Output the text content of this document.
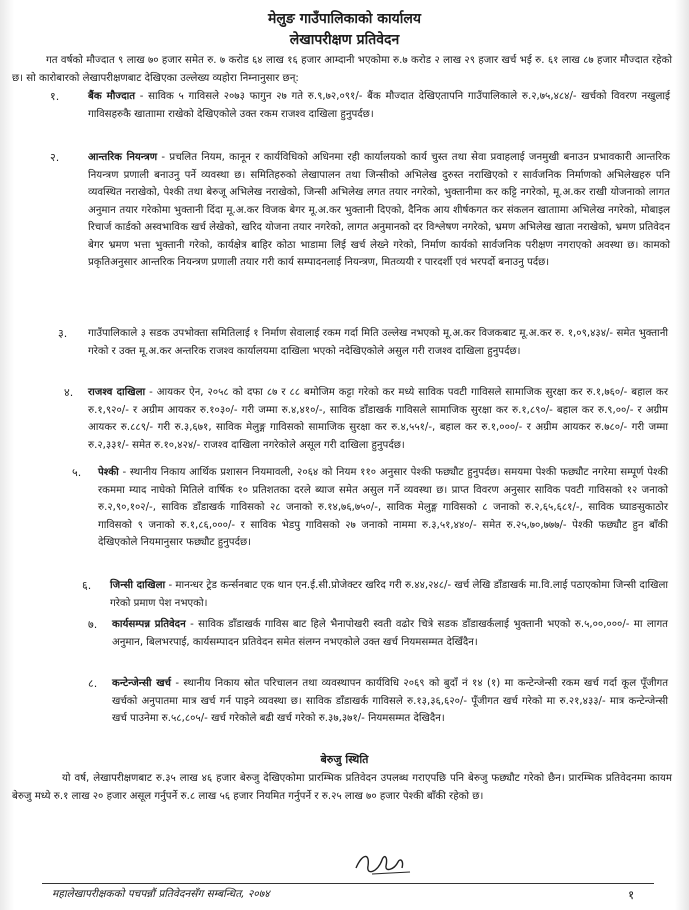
मेलुङ गाउँपालिकाको कार्यालय
लेखापरीक्षण प्रतिवेदन
गत वर्षको मौज्दात ९ लाख ७० हजार समेत रु. ७ करोड ६४ लाख १६ हजार आम्दानी भएकोमा रु.७ करोड २ लाख २९ हजार खर्च भई रु. ६१ लाख ८७ हजार मौज्दात रहेको छ। सो कारोबारको लेखापरीक्षणबाट देखिएका उल्लेख्य व्यहोरा निम्नानुसार छन्:
१.	बैंक मौज्दात - साविक ५ गाविसले २०७३ फागुन २७ गते रु.९,७२,०९१/- बैंक मौज्दात देखिएतापनि गाउँपालिकाले रु.२,७५,४८४/- खर्चको विवरण नखुलाई गाविसहरुकै खाताामा राखेको देखिएकोले उक्त रकम राजश्व दाखिला हुनुपर्दछ।
२.	आन्तरिक नियन्त्रण - प्रचलित नियम, कानून र कार्यविधिको अधिनमा रही कार्यालयको कार्य चुस्त तथा सेवा प्रवाहलाई जनमुखी बनाउन प्रभावकारी आन्तरिक नियन्त्रण प्रणाली बनाउनु पर्ने व्यवस्था छ। समितिहरुको लेखापालन तथा जिन्सीको अभिलेख दुरुस्त नराखिएको र सार्वजनिक निर्माणको अभिलेखहरु पनि व्यवस्थित नराखेको, पेश्की तथा बेरुजू अभिलेख नराखेको, जिन्सी अभिलेख लगत तयार नगरेको, भुक्तानीमा कर कट्टि नगरेको, मू.अ.कर राखी योजनाको लागत अनुमान तयार गरेकोमा भुक्तानी दिंदा मू.अ.कर विजक बेगर मू.अ.कर भुक्तानी दिएको, दैनिक आय शीर्षकगत कर संकलन खाताामा अभिलेख नगरेको, मोबाइल रिचार्ज कार्डको अस्वभाविक खर्च लेखेको, खरिद योजना तयार नगरेको, लागत अनुमानको दर विश्लेषण नगरेको, भ्रमण अभिलेख खाता नराखेको, भ्रमण प्रतिवेदन बेगर भ्रमण भत्ता भुक्तानी गरेको, कार्यक्षेत्र बाहिर कोठा भाडामा लिई खर्च लेख्ने गरेको, निर्माण कार्यको सार्वजनिक परीक्षण नगराएको अवस्था छ। कामको प्रकृतिअनुसार आन्तरिक नियन्त्रण प्रणाली तयार गरी कार्य सम्पादनलाई नियन्त्रण, मितव्ययी र पारदर्शी एवं भरपर्दो बनाउनु पर्दछ।
३. गाउँपालिकाले ३ सडक उपभोक्ता समितिलाई १ निर्माण सेवालाई रकम गर्दा मिति उल्लेख नभएको मू.अ.कर विजकबाट मू.अ.कर रु. १,०९,४३४/- समेत भुक्तानी गरेको र उक्त मू.अ.कर अन्तरिक राजश्व कार्यालयमा दाखिला भएको नदेखिएकोले असुल गरी राजश्व दाखिला हुनुपर्दछ।
४. राजश्व दाखिला - आयकर ऐन, २०५८ को दफा ८७ र ८८ बमोजिम कट्टा गरेको कर मध्ये साविक पवटी गाविसले सामाजिक सुरक्षा कर रु.१,७६०/- बहाल कर रु.१,९२०/- र अग्रीम आयकर रु.१०३०/- गरी जम्मा रु.४,४१०/-, साविक डाँडाखर्क गाविसले सामाजिक सुरक्षा कर रु.१,८९०/- बहाल कर रु.९,००/- र अग्रीम आयकर रु.८८९/- गरी रु.३,६७१, साविक मेलुङ्ग गाविसको सामाजिक सुरक्षा कर रु.४,५५१/-, बहाल कर रु.१,०००/- र अग्रीम आयकर रु.७८०/- गरी जम्मा रु.२,३३१/- समेत रु.१०,४२४/- राजश्व दाखिला नगरेकोले असूल गरी दाखिला हुनुपर्दछ।
५. पेश्की - स्थानीय निकाय आर्थिक प्रशासन नियमावली, २०६४ को नियम ११० अनुसार पेश्की फछ्यौट हुनुपर्दछ। समयमा पेश्की फछ्यौट नगरेमा सम्पूर्ण पेश्की रकममा म्याद नाघेको मितिले वार्षिक १० प्रतिशतका दरले ब्याज समेत असुल गर्ने व्यवस्था छ। प्राप्त विवरण अनुसार साविक पवटी गाविसको १२ जनाको रु.२,९०,१०२/-, साविक डाँडाखर्क गाविसको २८ जनाको रु.१४,७६,७५०/-, साविक मेलुङ्ग गाविसको ८ जनाको रु.२,६५,६८१/-, साविक घ्याङसुकाठोर गाविसको ९ जनाको रु.१,८६,०००/- र साविक भेडपु गाविसको २७ जनाको नाममा रु.३,५१,४४०/- समेत रु.२५,७०,७७७/- पेश्की फछ्यौट हुन बाँकी देखिएकोले नियमानुसार फछ्यौट हुनुपर्दछ।
६. जिन्सी दाखिला - मानन्धर ट्रेड कर्न्सनबाट एक थान एन.ई.सी.प्रोजेक्टर खरिद गरी रु.४४,२४८/- खर्च लेखि डाँडाखर्क मा.वि.लाई पठाएकोमा जिन्सी दाखिला गरेको प्रमाण पेश नभएको।
७. कार्यसम्पन्न प्रतिवेदन - साविक डाँडाखर्क गाविस बाट हिले भैनापोखरी स्वती वढोर चित्रे सडक डाँडाखर्कलाई भुक्तानी भएको रु.५,००,०००/- मा लागत अनुमान, बिलभरपाई, कार्यसम्पादन प्रतिवेदन समेत संलग्न नभएकोले उक्त खर्च नियमसम्मत देखिँदैन।
८. कन्टेन्जेन्सी खर्च - स्थानीय निकाय स्रोत परिचालन तथा व्यवस्थापन कार्यविधि २०६९ को बुदाँ नं १४ (१) मा कन्टेन्जेन्सी रकम खर्च गर्दा कूल पूँजीगत खर्चको अनुपातमा मात्र खर्च गर्न पाइने व्यवस्था छ। साविक डाँडाखर्क गाविसले रु.१३,३६,६२०/- पूँजीगत खर्च गरेको मा रु.२१,४३३/- मात्र कन्टेन्जेन्सी खर्च पाउनेमा रु.५८,८०५/- खर्च गरेकोले बढी खर्च गरेको रु.३७,३७१/- नियमसम्मत देखिदैन।
बेरुजु स्थिति
यो वर्ष, लेखापरीक्षणबाट रु.३५ लाख ४६ हजार बेरुजु देखिएकोमा प्रारम्भिक प्रतिवेदन उपलब्ध गराएपछि पनि बेरुजु फछ्यौट गरेको छैन। प्रारम्भिक प्रतिवेदनमा कायम बेरुजु मध्ये रु.१ लाख २० हजार असूल गर्नुपर्ने रु.८ लाख ५६ हजार नियमित गर्नुपर्ने र रु.२५ लाख ७० हजार पेश्की बाँकी रहेको छ।
महालेखापरीक्षकको पचपन्नौं प्रतिवेदनसँग सम्बन्धित, २०७४	१
